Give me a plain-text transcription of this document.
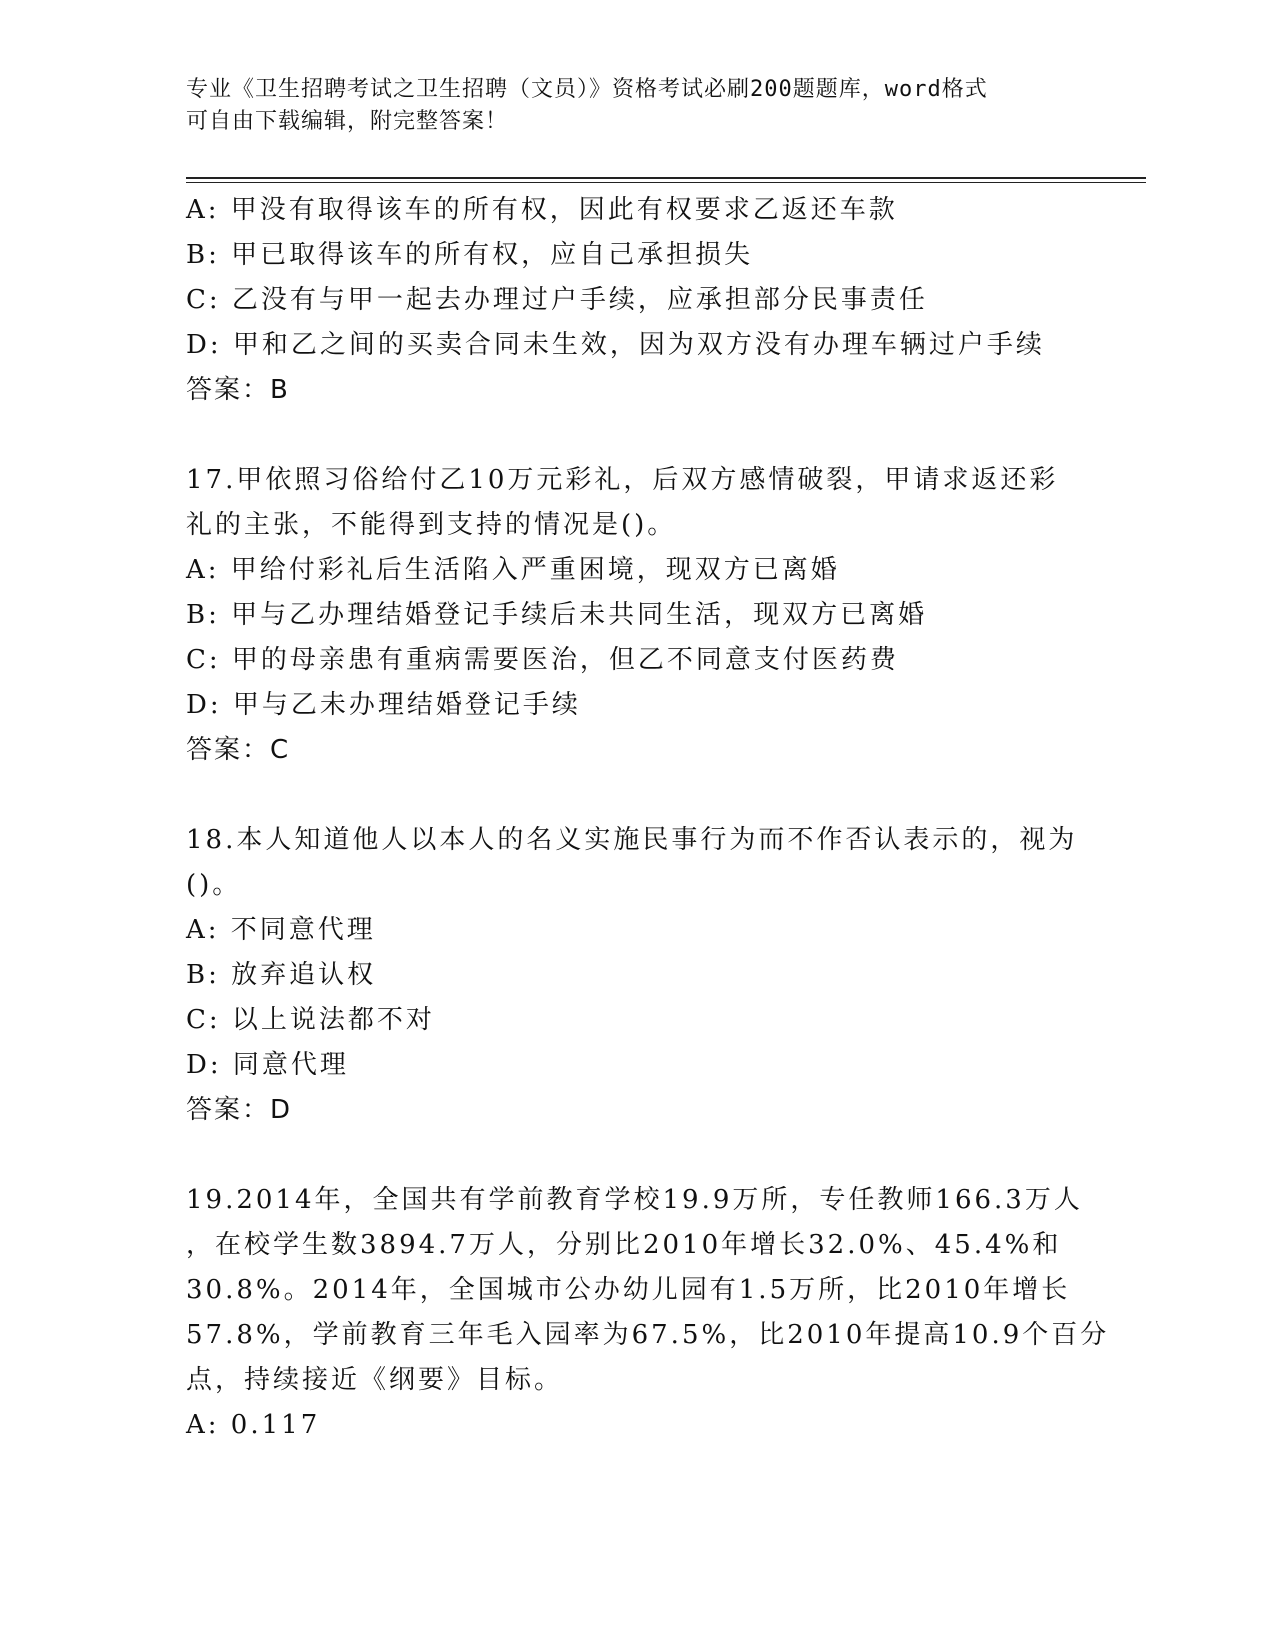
专业《卫生招聘考试之卫生招聘（文员）》资格考试必刷200题题库，word格式
可自由下载编辑，附完整答案！
A: 甲没有取得该车的所有权，因此有权要求乙返还车款
B: 甲已取得该车的所有权，应自己承担损失
C: 乙没有与甲一起去办理过户手续，应承担部分民事责任
D: 甲和乙之间的买卖合同未生效，因为双方没有办理车辆过户手续
答案：B
17.甲依照习俗给付乙10万元彩礼，后双方感情破裂，甲请求返还彩
礼的主张，不能得到支持的情况是()。
A: 甲给付彩礼后生活陷入严重困境，现双方已离婚
B: 甲与乙办理结婚登记手续后未共同生活，现双方已离婚
C: 甲的母亲患有重病需要医治，但乙不同意支付医药费
D: 甲与乙未办理结婚登记手续
答案：C
18.本人知道他人以本人的名义实施民事行为而不作否认表示的，视为
()。
A: 不同意代理
B: 放弃追认权
C: 以上说法都不对
D: 同意代理
答案：D
19.2014年，全国共有学前教育学校19.9万所，专任教师166.3万人
，在校学生数3894.7万人，分别比2010年增长32.0%、45.4%和
30.8%。2014年，全国城市公办幼儿园有1.5万所，比2010年增长
57.8%，学前教育三年毛入园率为67.5%，比2010年提高10.9个百分
点，持续接近《纲要》目标。
A: 0.117
